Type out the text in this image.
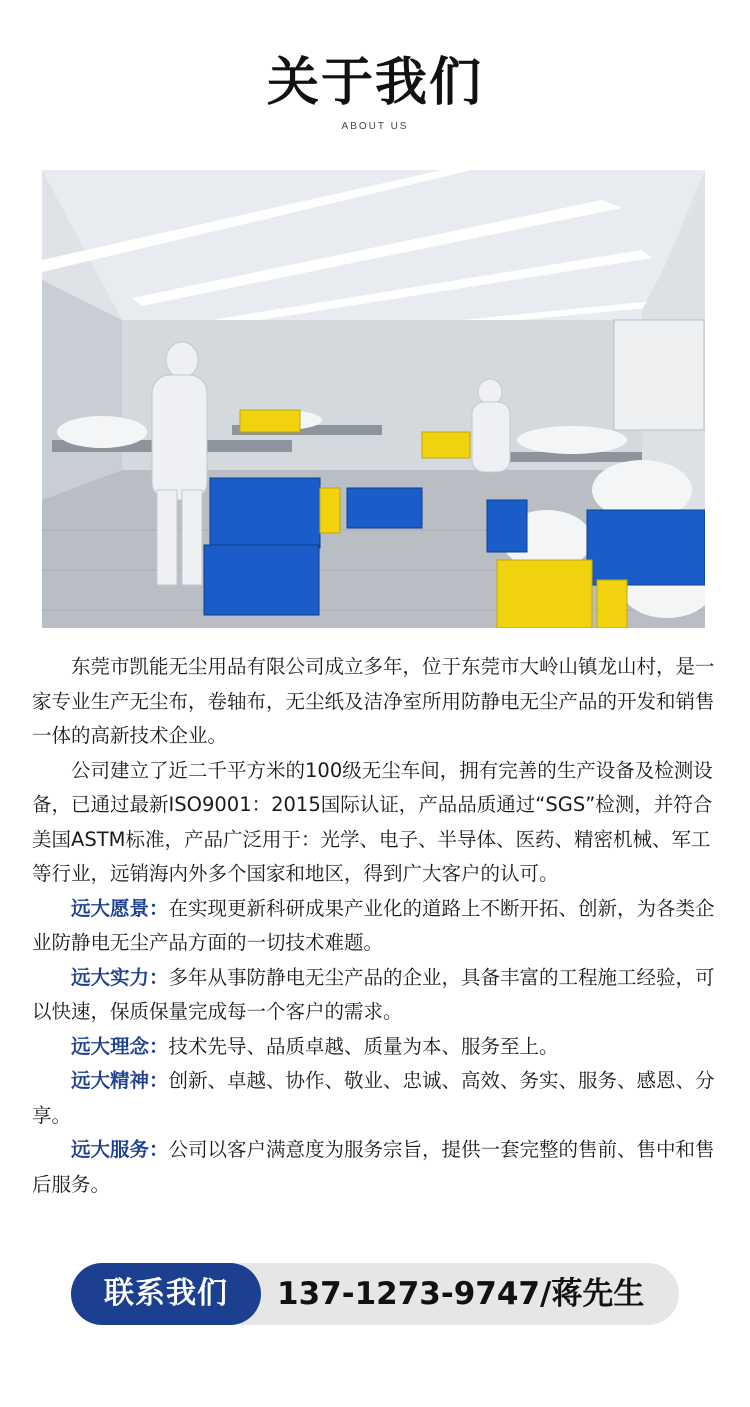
关于我们
ABOUT US

东莞市凯能无尘用品有限公司成立多年，位于东莞市大岭山镇龙山村，是一家专业生产无尘布，卷轴布，无尘纸及洁净室所用防静电无尘产品的开发和销售一体的高新技术企业。

公司建立了近二千平方米的100级无尘车间，拥有完善的生产设备及检测设备，已通过最新ISO9001：2015国际认证，产品品质通过“SGS”检测，并符合美国ASTM标准，产品广泛用于：光学、电子、半导体、医药、精密机械、军工等行业，远销海内外多个国家和地区，得到广大客户的认可。

远大愿景：在实现更新科研成果产业化的道路上不断开拓、创新，为各类企业防静电无尘产品方面的一切技术难题。

远大实力：多年从事防静电无尘产品的企业，具备丰富的工程施工经验，可以快速，保质保量完成每一个客户的需求。

远大理念：技术先导、品质卓越、质量为本、服务至上。

远大精神：创新、卓越、协作、敬业、忠诚、高效、务实、服务、感恩、分享。

远大服务：公司以客户满意度为服务宗旨，提供一套完整的售前、售中和售后服务。

联系我们	137-1273-9747/蒋先生
